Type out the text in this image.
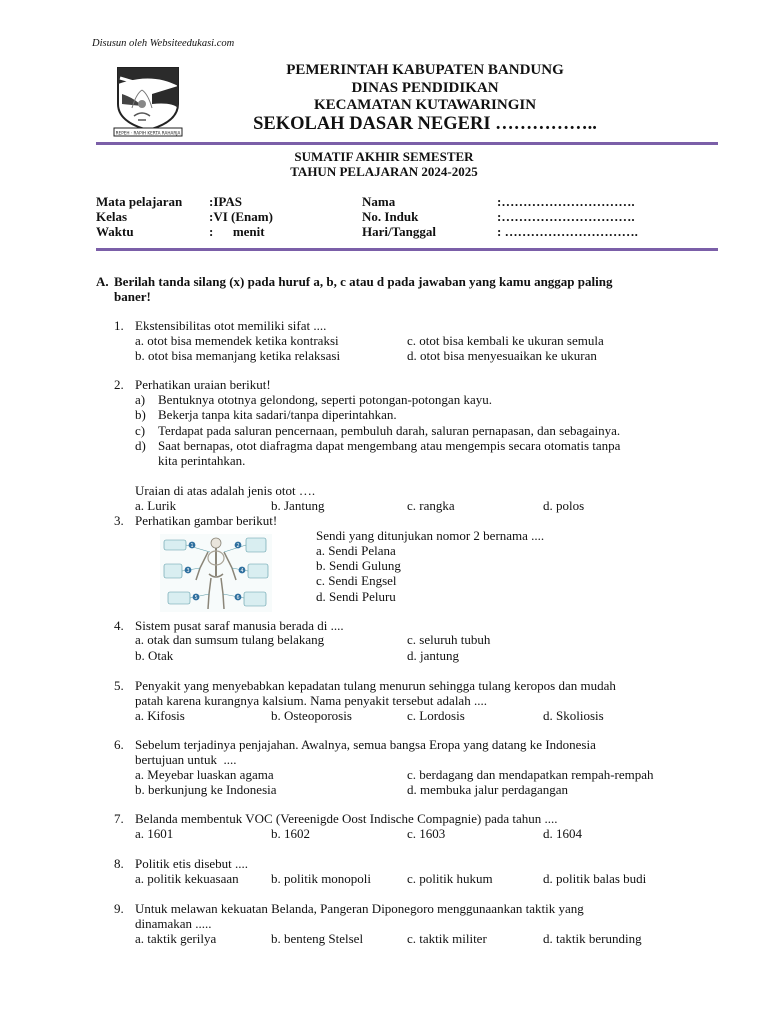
Disusun oleh Websiteedukasi.com
REPEH · RAPIH KERTA RAHARJA
PEMERINTAH KABUPATEN BANDUNG
DINAS PENDIDIKAN
KECAMATAN KUTAWARINGIN
SEKOLAH DASAR NEGERI ……………..
SUMATIF AKHIR SEMESTER
TAHUN PELAJARAN 2024-2025
Mata pelajaran :IPAS
Kelas	:VI (Enam)
Waktu	:      menit
Nama	:………………………….
No. Induk	:………………………….
Hari/Tanggal	: ………………………….
A. Berilah tanda silang (x) pada huruf a, b, c atau d pada jawaban yang kamu anggap paling
baner!
1. Ekstensibilitas otot memiliki sifat ....
a. otot bisa memendek ketika kontraksi
b. otot bisa memanjang ketika relaksasi
c. otot bisa kembali ke ukuran semula
d. otot bisa menyesuaikan ke ukuran
2. Perhatikan uraian berikut!
a) Bentuknya ototnya gelondong, seperti potongan-potongan kayu.
b) Bekerja tanpa kita sadari/tanpa diperintahkan.
c) Terdapat pada saluran pencernaan, pembuluh darah, saluran pernapasan, dan sebagainya.
d) Saat bernapas, otot diafragma dapat mengembang atau mengempis secara otomatis tanpa
kita perintahkan.
Uraian di atas adalah jenis otot ….
a. Lurik	b. Jantung	c. rangka	d. polos
3. Perhatikan gambar berikut!
2
1
3	4
5	6
Sendi yang ditunjukan nomor 2 bernama ....
a. Sendi Pelana
b. Sendi Gulung
c. Sendi Engsel
d. Sendi Peluru
4. Sistem pusat saraf manusia berada di ....
a. otak dan sumsum tulang belakang
b. Otak
c. seluruh tubuh
d. jantung
5. Penyakit yang menyebabkan kepadatan tulang menurun sehingga tulang keropos dan mudah
patah karena kurangnya kalsium. Nama penyakit tersebut adalah ....
a. Kifosis	b. Osteoporosis	c. Lordosis	d. Skoliosis
6. Sebelum terjadinya penjajahan. Awalnya, semua bangsa Eropa yang datang ke Indonesia
bertujuan untuk  ....
a. Meyebar luaskan agama
b. berkunjung ke Indonesia
c. berdagang dan mendapatkan rempah-rempah
d. membuka jalur perdagangan
7. Belanda membentuk VOC (Vereenigde Oost Indische Compagnie) pada tahun ....
a. 1601	b. 1602	c. 1603	d. 1604
8. Politik etis disebut ....
a. politik kekuasaan b. politik monopoli	c. politik hukum	d. politik balas budi
9. Untuk melawan kekuatan Belanda, Pangeran Diponegoro menggunaankan taktik yang
dinamakan .....
a. taktik gerilya	b. benteng Stelsel	c. taktik militer	d. taktik berunding
